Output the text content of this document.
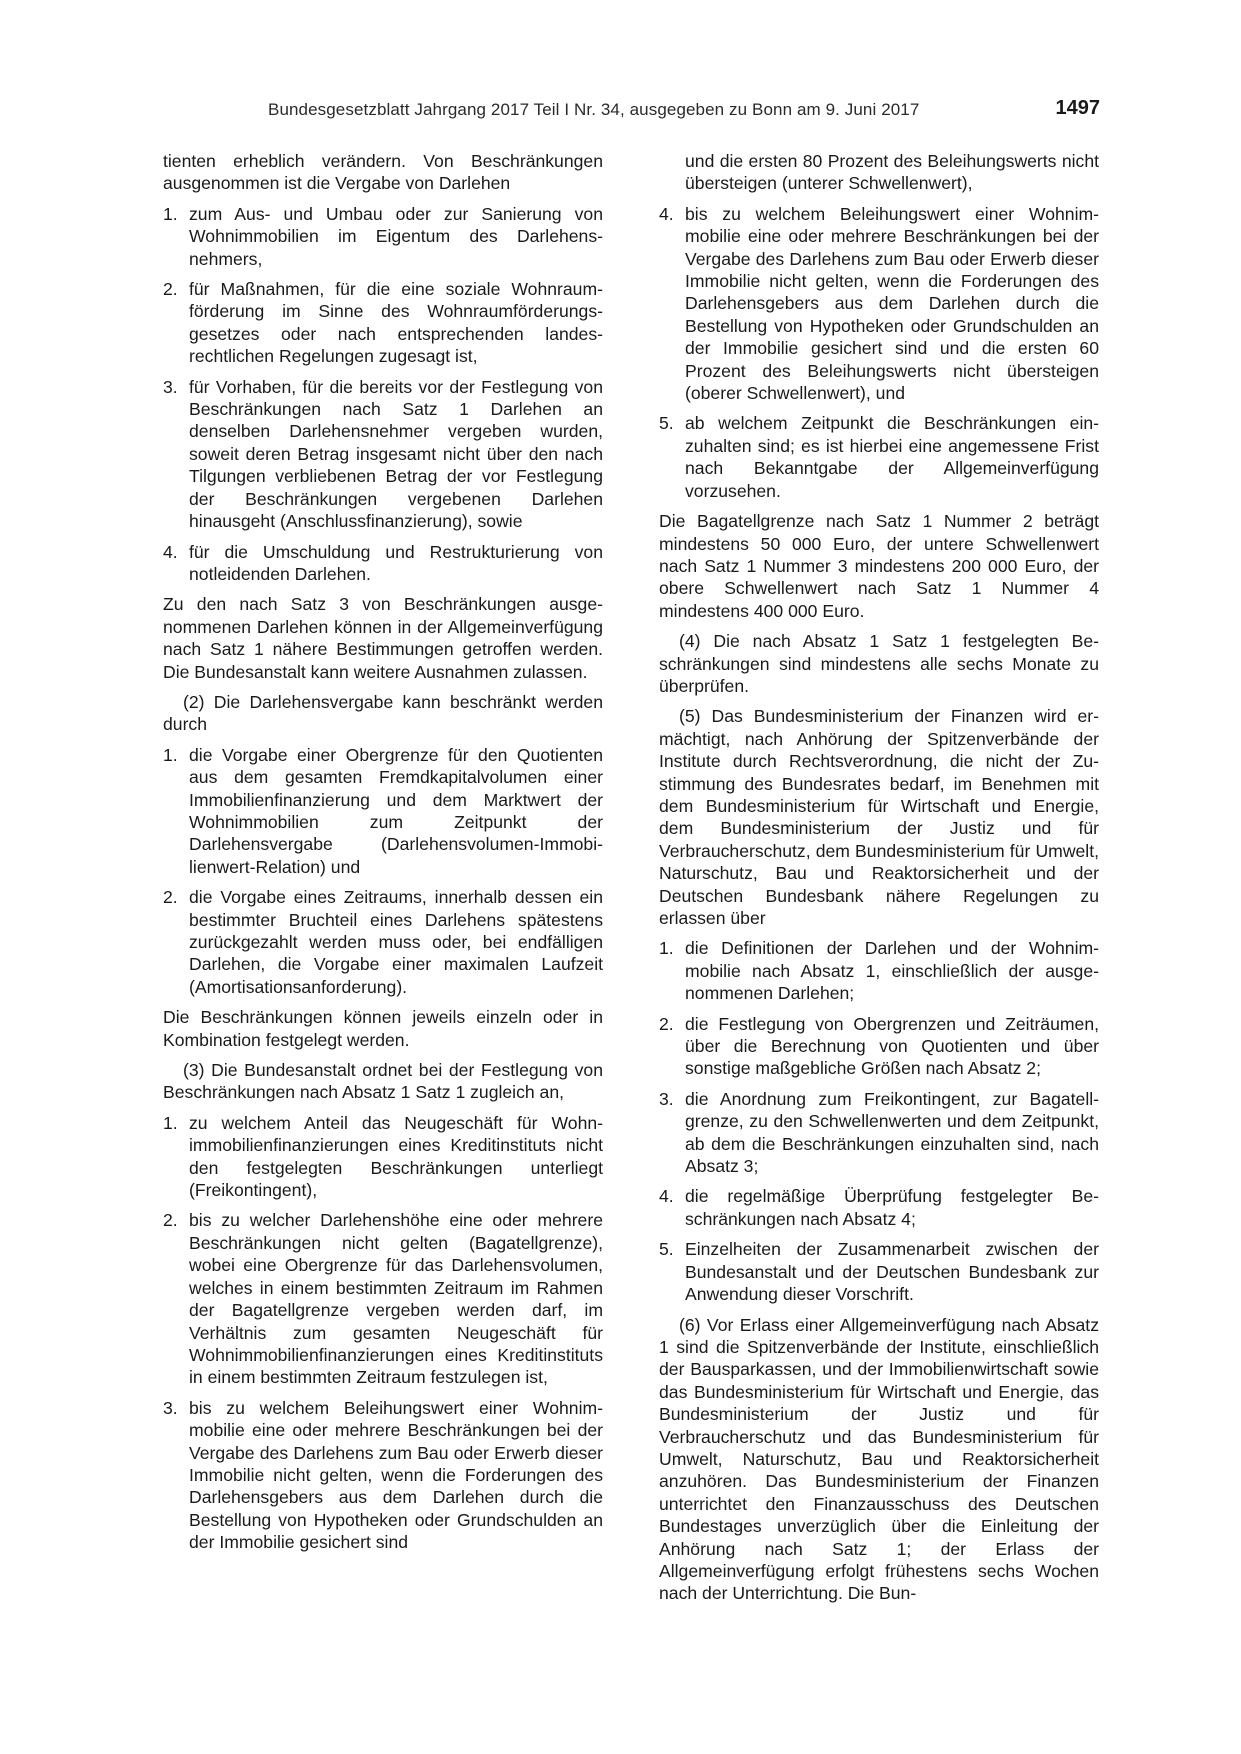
Bundesgesetzblatt Jahrgang 2017 Teil I Nr. 34, ausgegeben zu Bonn am 9. Juni 2017	1497

tienten erheblich verändern. Von Beschränkungen ausgenommen ist die Vergabe von Darlehen

1. zum Aus- und Umbau oder zur Sanierung von Wohnimmobilien im Eigentum des Darlehensnehmers,
2. für Maßnahmen, für die eine soziale Wohnraumförderung im Sinne des Wohnraumförderungsgesetzes oder nach entsprechenden landesrechtlichen Regelungen zugesagt ist,
3. für Vorhaben, für die bereits vor der Festlegung von Beschränkungen nach Satz 1 Darlehen an denselben Darlehensnehmer vergeben wurden, soweit deren Betrag insgesamt nicht über den nach Tilgungen verbliebenen Betrag der vor Festlegung der Beschränkungen vergebenen Darlehen hinausgeht (Anschlussfinanzierung), sowie
4. für die Umschuldung und Restrukturierung von notleidenden Darlehen.

Zu den nach Satz 3 von Beschränkungen ausgenommenen Darlehen können in der Allgemeinverfügung nach Satz 1 nähere Bestimmungen getroffen werden. Die Bundesanstalt kann weitere Ausnahmen zulassen.

(2) Die Darlehensvergabe kann beschränkt werden durch

1. die Vorgabe einer Obergrenze für den Quotienten aus dem gesamten Fremdkapitalvolumen einer Immobilienfinanzierung und dem Marktwert der Wohnimmobilien zum Zeitpunkt der Darlehensvergabe (Darlehensvolumen-Immobilienwert-Relation) und
2. die Vorgabe eines Zeitraums, innerhalb dessen ein bestimmter Bruchteil eines Darlehens spätestens zurückgezahlt werden muss oder, bei endfälligen Darlehen, die Vorgabe einer maximalen Laufzeit (Amortisationsanforderung).

Die Beschränkungen können jeweils einzeln oder in Kombination festgelegt werden.

(3) Die Bundesanstalt ordnet bei der Festlegung von Beschränkungen nach Absatz 1 Satz 1 zugleich an,

1. zu welchem Anteil das Neugeschäft für Wohnimmobilienfinanzierungen eines Kreditinstituts nicht den festgelegten Beschränkungen unterliegt (Freikontingent),
2. bis zu welcher Darlehenshöhe eine oder mehrere Beschränkungen nicht gelten (Bagatellgrenze), wobei eine Obergrenze für das Darlehensvolumen, welches in einem bestimmten Zeitraum im Rahmen der Bagatellgrenze vergeben werden darf, im Verhältnis zum gesamten Neugeschäft für Wohnimmobilienfinanzierungen eines Kreditinstituts in einem bestimmten Zeitraum festzulegen ist,
3. bis zu welchem Beleihungswert einer Wohnimmobilie eine oder mehrere Beschränkungen bei der Vergabe des Darlehens zum Bau oder Erwerb dieser Immobilie nicht gelten, wenn die Forderungen des Darlehensgebers aus dem Darlehen durch die Bestellung von Hypotheken oder Grundschulden an der Immobilie gesichert sind

und die ersten 80 Prozent des Beleihungswerts nicht übersteigen (unterer Schwellenwert),

4. bis zu welchem Beleihungswert einer Wohnimmobilie eine oder mehrere Beschränkungen bei der Vergabe des Darlehens zum Bau oder Erwerb dieser Immobilie nicht gelten, wenn die Forderungen des Darlehensgebers aus dem Darlehen durch die Bestellung von Hypotheken oder Grundschulden an der Immobilie gesichert sind und die ersten 60 Prozent des Beleihungswerts nicht übersteigen (oberer Schwellenwert), und
5. ab welchem Zeitpunkt die Beschränkungen einzuhalten sind; es ist hierbei eine angemessene Frist nach Bekanntgabe der Allgemeinverfügung vorzusehen.

Die Bagatellgrenze nach Satz 1 Nummer 2 beträgt mindestens 50 000 Euro, der untere Schwellenwert nach Satz 1 Nummer 3 mindestens 200 000 Euro, der obere Schwellenwert nach Satz 1 Nummer 4 mindestens 400 000 Euro.

(4) Die nach Absatz 1 Satz 1 festgelegten Beschränkungen sind mindestens alle sechs Monate zu überprüfen.

(5) Das Bundesministerium der Finanzen wird ermächtigt, nach Anhörung der Spitzenverbände der Institute durch Rechtsverordnung, die nicht der Zustimmung des Bundesrates bedarf, im Benehmen mit dem Bundesministerium für Wirtschaft und Energie, dem Bundesministerium der Justiz und für Verbraucherschutz, dem Bundesministerium für Umwelt, Naturschutz, Bau und Reaktorsicherheit und der Deutschen Bundesbank nähere Regelungen zu erlassen über

1. die Definitionen der Darlehen und der Wohnimmobilie nach Absatz 1, einschließlich der ausgenommenen Darlehen;
2. die Festlegung von Obergrenzen und Zeiträumen, über die Berechnung von Quotienten und über sonstige maßgebliche Größen nach Absatz 2;
3. die Anordnung zum Freikontingent, zur Bagatellgrenze, zu den Schwellenwerten und dem Zeitpunkt, ab dem die Beschränkungen einzuhalten sind, nach Absatz 3;
4. die regelmäßige Überprüfung festgelegter Beschränkungen nach Absatz 4;
5. Einzelheiten der Zusammenarbeit zwischen der Bundesanstalt und der Deutschen Bundesbank zur Anwendung dieser Vorschrift.

(6) Vor Erlass einer Allgemeinverfügung nach Absatz 1 sind die Spitzenverbände der Institute, einschließlich der Bausparkassen, und der Immobilienwirtschaft sowie das Bundesministerium für Wirtschaft und Energie, das Bundesministerium der Justiz und für Verbraucherschutz und das Bundesministerium für Umwelt, Naturschutz, Bau und Reaktorsicherheit anzuhören. Das Bundesministerium der Finanzen unterrichtet den Finanzausschuss des Deutschen Bundestages unverzüglich über die Einleitung der Anhörung nach Satz 1; der Erlass der Allgemeinverfügung erfolgt frühestens sechs Wochen nach der Unterrichtung. Die Bun-
